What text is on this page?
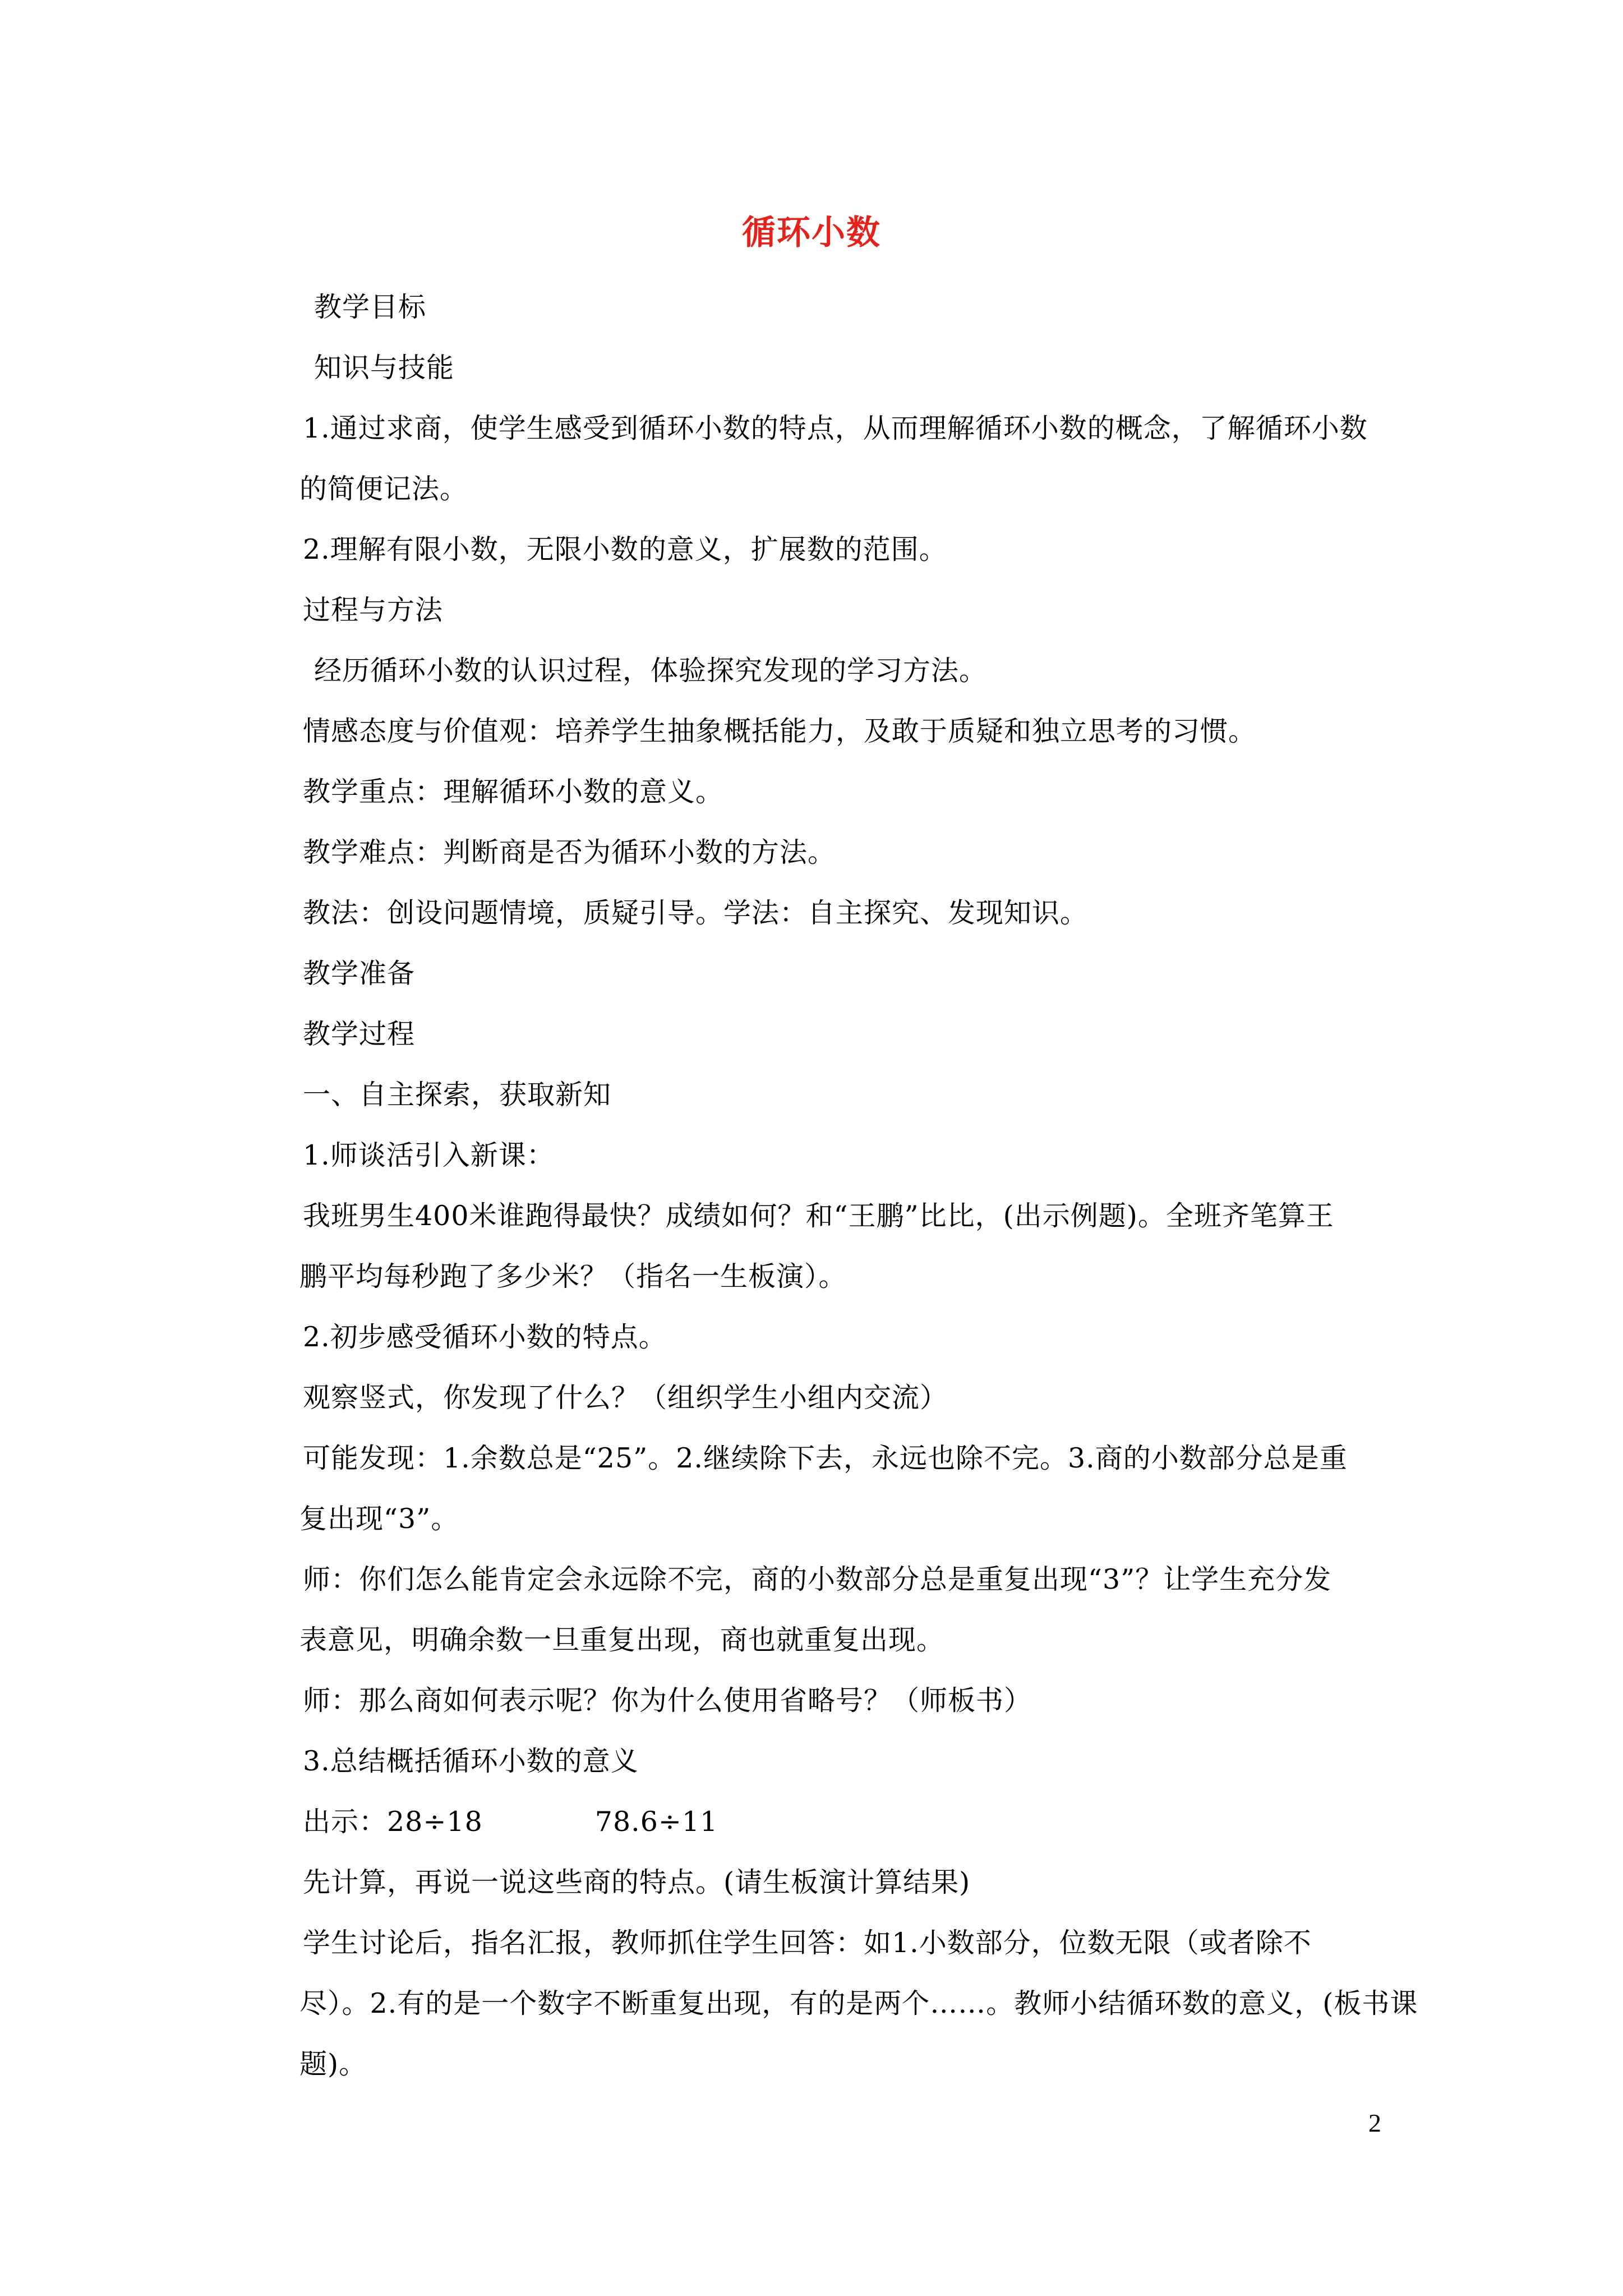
循环小数
教学目标
知识与技能
1.通过求商，使学生感受到循环小数的特点，从而理解循环小数的概念，了解循环小数
的简便记法。
2.理解有限小数，无限小数的意义，扩展数的范围。
过程与方法
经历循环小数的认识过程，体验探究发现的学习方法。
情感态度与价值观：培养学生抽象概括能力，及敢于质疑和独立思考的习惯。
教学重点：理解循环小数的意义。
教学难点：判断商是否为循环小数的方法。
教法：创设问题情境，质疑引导。学法：自主探究、发现知识。
教学准备
教学过程
一、自主探索，获取新知
1.师谈活引入新课：
我班男生400米谁跑得最快？成绩如何？和“王鹏”比比，(出示例题)。全班齐笔算王
鹏平均每秒跑了多少米？（指名一生板演）。
2.初步感受循环小数的特点。
观察竖式，你发现了什么？（组织学生小组内交流）
可能发现：1.余数总是“25”。2.继续除下去，永远也除不完。3.商的小数部分总是重
复出现“3”。
师：你们怎么能肯定会永远除不完，商的小数部分总是重复出现“3”？让学生充分发
表意见，明确余数一旦重复出现，商也就重复出现。
师：那么商如何表示呢？你为什么使用省略号？（师板书）
3.总结概括循环小数的意义
出示：28÷18	78.6÷11
先计算，再说一说这些商的特点。(请生板演计算结果)
学生讨论后，指名汇报，教师抓住学生回答：如1.小数部分，位数无限（或者除不
尽）。2.有的是一个数字不断重复出现，有的是两个……。教师小结循环数的意义，(板书课
题)。
2
